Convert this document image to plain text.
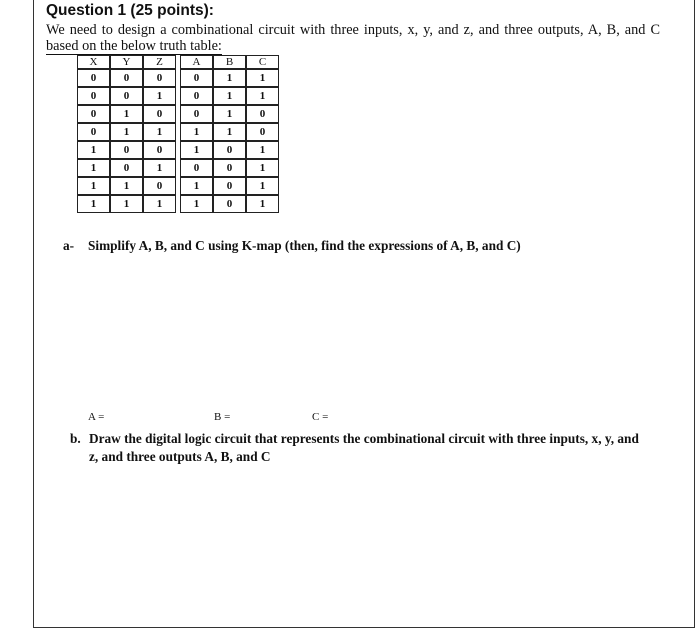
Question 1 (25 points):
We need to design a combinational circuit with three inputs, x, y, and z, and three outputs, A, B, and C
based on the below truth table:
X	Y	Z		A	B	C
0	0	0		0	1	1
0	0	1		0	1	1
0	1	0		0	1	0
0	1	1		1	1	0
1	0	0		1	0	1
1	0	1		0	0	1
1	1	0		1	0	1
1	1	1		1	0	1
a- Simplify A, B, and C using K-map (then, find the expressions of A, B, and C)
A =	B =	C =
b. Draw the digital logic circuit that represents the combinational circuit with three inputs, x, y, and z, and three outputs A, B, and C
